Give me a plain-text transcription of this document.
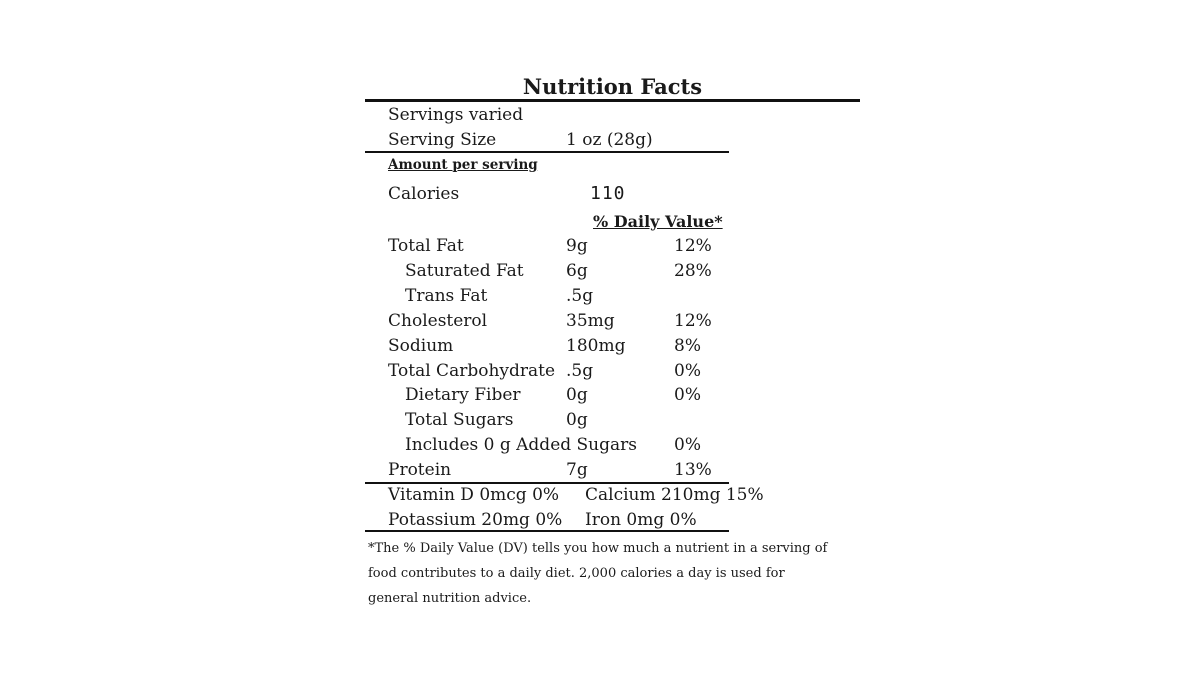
Nutrition Facts
Servings varied
Serving Size	1 oz (28g)
Amount per serving
Calories	110
% Daily Value*
Total Fat	9g	12%
Saturated Fat 6g	28%
Trans Fat	.5g
Cholesterol	35mg	12%
Sodium	180mg	8%
Total Carbohydrate .5g	0%
Dietary Fiber	0g	0%
Total Sugars	0g
Includes 0 g Added Sugars 0%
Protein	7g	13%
Vitamin D 0mcg 0% Calcium 210mg 15%
Potassium 20mg 0% Iron 0mg 0%
*The % Daily Value (DV) tells you how much a nutrient in a serving of food contributes to a daily diet. 2,000 calories a day is used for general nutrition advice.
